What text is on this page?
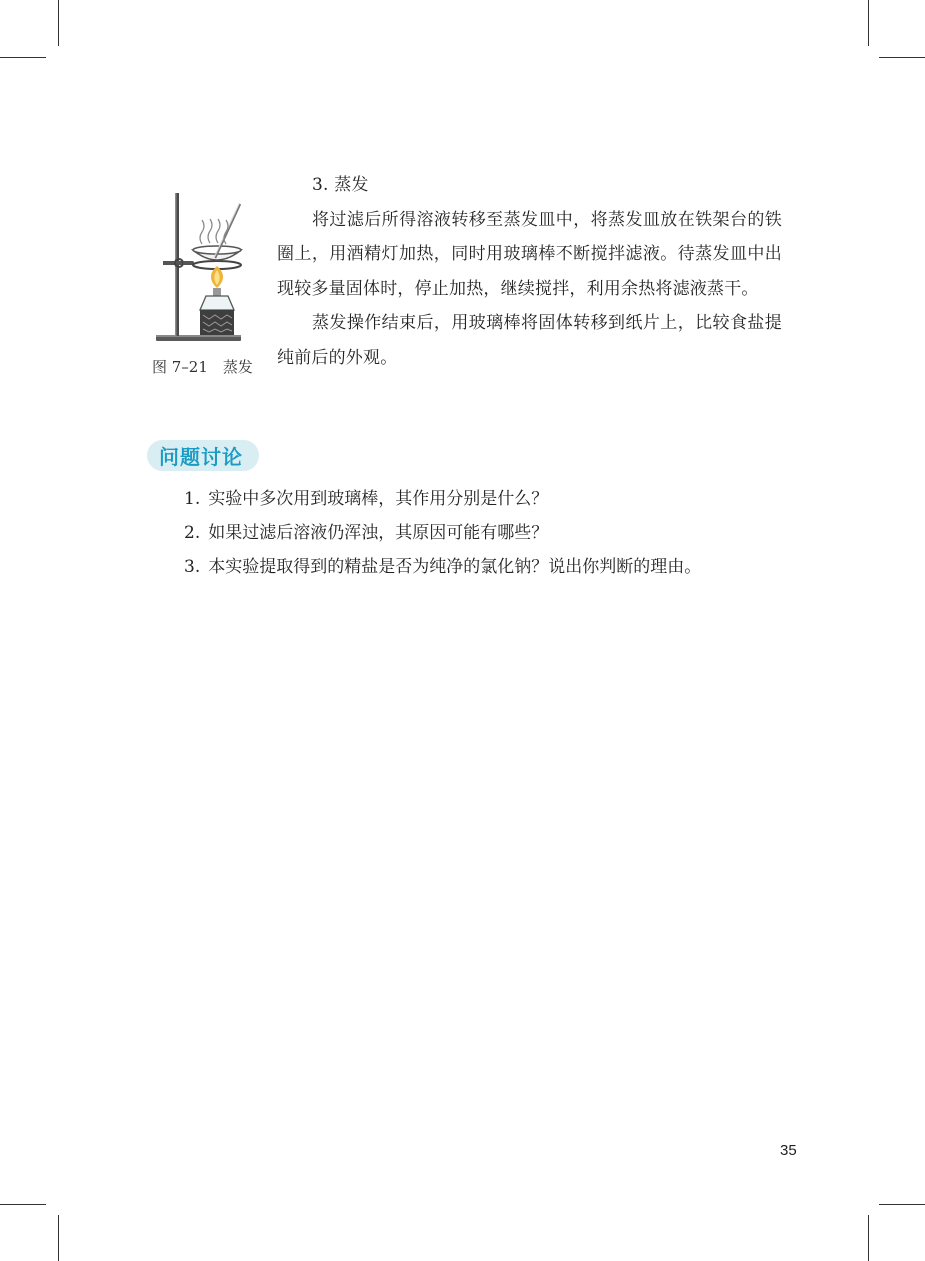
图 7–21　蒸发
3. 蒸发

将过滤后所得溶液转移至蒸发皿中，将蒸发皿放在铁架台的铁圈上，用酒精灯加热，同时用玻璃棒不断搅拌滤液。待蒸发皿中出现较多量固体时，停止加热，继续搅拌，利用余热将滤液蒸干。

蒸发操作结束后，用玻璃棒将固体转移到纸片上，比较食盐提纯前后的外观。

问题讨论
1. 实验中多次用到玻璃棒，其作用分别是什么？
2. 如果过滤后溶液仍浑浊，其原因可能有哪些？
3. 本实验提取得到的精盐是否为纯净的氯化钠？说出你判断的理由。
35
